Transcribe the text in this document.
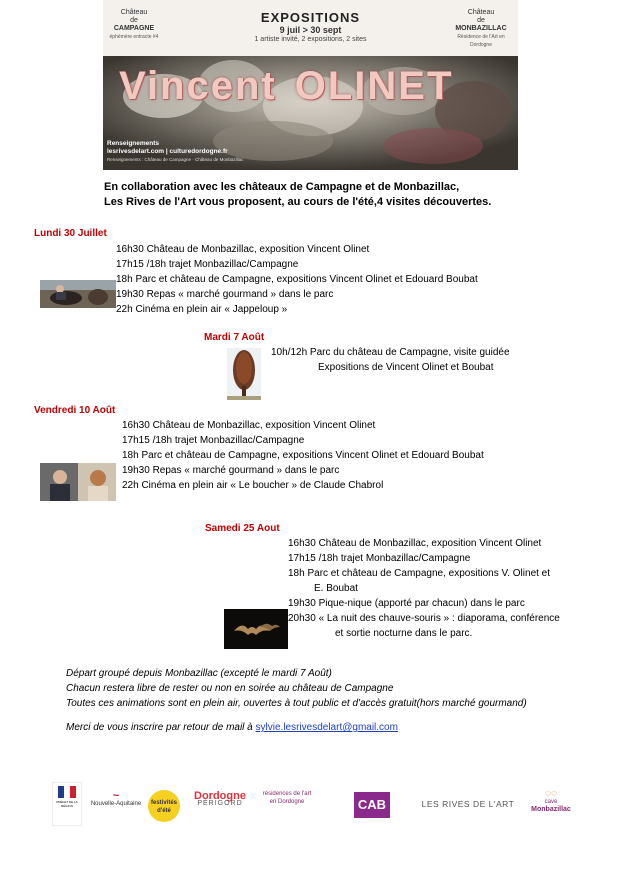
Château
de
CAMPAGNE
éphémère entracte #4
EXPOSITIONS
9 juil > 30 sept
1 artiste invité, 2 expositions, 2 sites
Château
de
MONBAZILLAC
Résidence de l'Art en Dordogne
Vincent OLINET
Renseignements
lesrivesdelart.com | culturedordogne.fr
Renseignements : Château de Campagne · Château de Monbazillac
En collaboration avec les châteaux de Campagne et de Monbazillac,
Les Rives de l'Art vous proposent, au cours de l'été,4 visites découvertes.
Lundi 30 Juillet
16h30 Château de Monbazillac, exposition Vincent Olinet
17h15 /18h trajet Monbazillac/Campagne
18h Parc et château de Campagne, expositions Vincent Olinet et Edouard Boubat
19h30 Repas « marché gourmand » dans le parc
22h Cinéma en plein air « Jappeloup »
Mardi 7 Août
10h/12h Parc du château de Campagne, visite guidée
Expositions de Vincent Olinet et Boubat
Vendredi 10 Août
16h30 Château de Monbazillac, exposition Vincent Olinet
17h15 /18h trajet Monbazillac/Campagne
18h Parc et château de Campagne, expositions Vincent Olinet et Edouard Boubat
19h30 Repas « marché gourmand » dans le parc
22h Cinéma en plein air « Le boucher » de Claude Chabrol
Samedi 25 Aout
16h30 Château de Monbazillac, exposition Vincent Olinet
17h15 /18h trajet Monbazillac/Campagne
18h Parc et château de Campagne, expositions V. Olinet et
E. Boubat
19h30 Pique-nique (apporté par chacun) dans le parc
20h30 « La nuit des chauve-souris » : diaporama, conférence
et sortie nocturne dans le parc.
Départ groupé depuis Monbazillac (excepté le mardi 7 Août)
Chacun restera libre de rester ou non en soirée au château de Campagne
Toutes ces animations sont en plein air, ouvertes à tout public et d'accès gratuit(hors marché gourmand)
Merci de vous inscrire par retour de mail à sylvie.lesrivesdelart@gmail.com
PRÉFET DE LA RÉGION
~
Nouvelle-Aquitaine	festivités d'été
Dordogne
PÉRIGORD
résidences de l'art en Dordogne	CAB	LES RIVES DE L'ART
◌◌
cave
Monbazillac
